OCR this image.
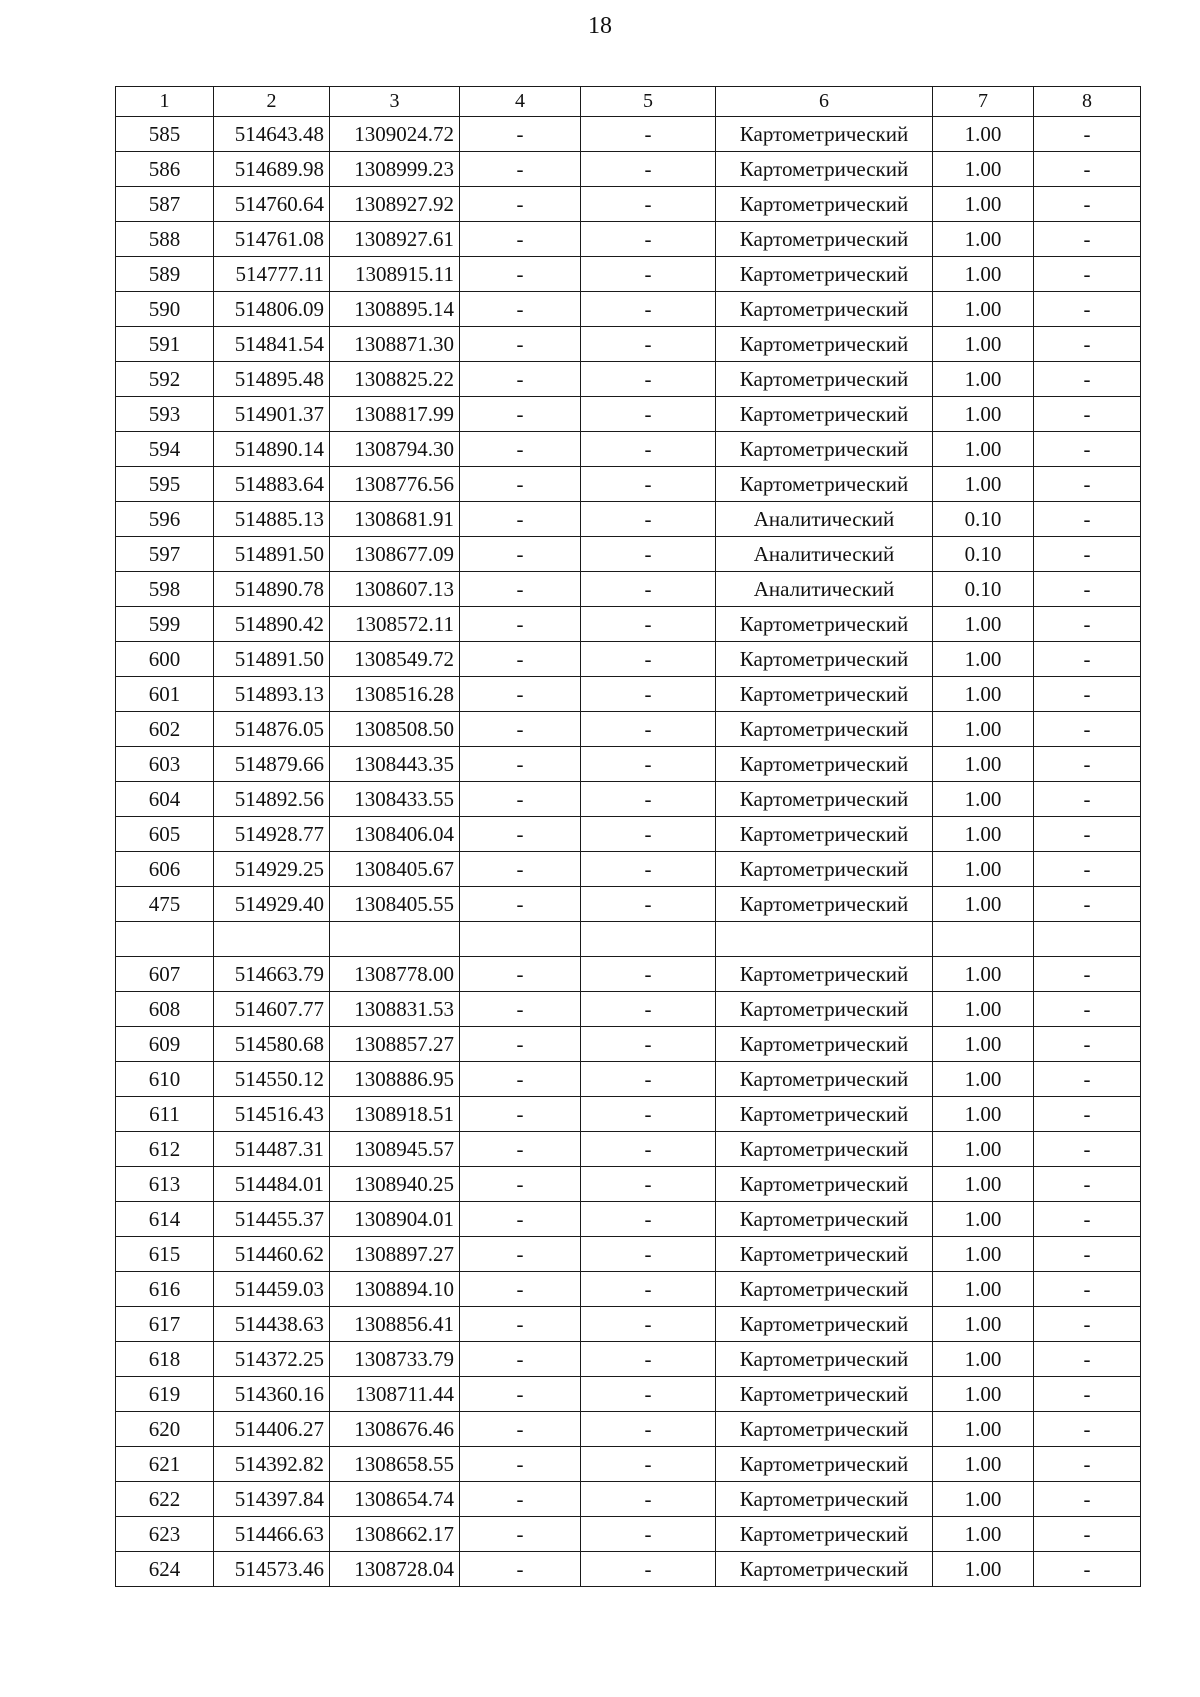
18
1	2	3	4	5	6	7	8
585	514643.48	1309024.72	-	-	Картометрический	1.00	-
586	514689.98	1308999.23	-	-	Картометрический	1.00	-
587	514760.64	1308927.92	-	-	Картометрический	1.00	-
588	514761.08	1308927.61	-	-	Картометрический	1.00	-
589	514777.11	1308915.11	-	-	Картометрический	1.00	-
590	514806.09	1308895.14	-	-	Картометрический	1.00	-
591	514841.54	1308871.30	-	-	Картометрический	1.00	-
592	514895.48	1308825.22	-	-	Картометрический	1.00	-
593	514901.37	1308817.99	-	-	Картометрический	1.00	-
594	514890.14	1308794.30	-	-	Картометрический	1.00	-
595	514883.64	1308776.56	-	-	Картометрический	1.00	-
596	514885.13	1308681.91	-	-	Аналитический	0.10	-
597	514891.50	1308677.09	-	-	Аналитический	0.10	-
598	514890.78	1308607.13	-	-	Аналитический	0.10	-
599	514890.42	1308572.11	-	-	Картометрический	1.00	-
600	514891.50	1308549.72	-	-	Картометрический	1.00	-
601	514893.13	1308516.28	-	-	Картометрический	1.00	-
602	514876.05	1308508.50	-	-	Картометрический	1.00	-
603	514879.66	1308443.35	-	-	Картометрический	1.00	-
604	514892.56	1308433.55	-	-	Картометрический	1.00	-
605	514928.77	1308406.04	-	-	Картометрический	1.00	-
606	514929.25	1308405.67	-	-	Картометрический	1.00	-
475	514929.40	1308405.55	-	-	Картометрический	1.00	-

607	514663.79	1308778.00	-	-	Картометрический	1.00	-
608	514607.77	1308831.53	-	-	Картометрический	1.00	-
609	514580.68	1308857.27	-	-	Картометрический	1.00	-
610	514550.12	1308886.95	-	-	Картометрический	1.00	-
611	514516.43	1308918.51	-	-	Картометрический	1.00	-
612	514487.31	1308945.57	-	-	Картометрический	1.00	-
613	514484.01	1308940.25	-	-	Картометрический	1.00	-
614	514455.37	1308904.01	-	-	Картометрический	1.00	-
615	514460.62	1308897.27	-	-	Картометрический	1.00	-
616	514459.03	1308894.10	-	-	Картометрический	1.00	-
617	514438.63	1308856.41	-	-	Картометрический	1.00	-
618	514372.25	1308733.79	-	-	Картометрический	1.00	-
619	514360.16	1308711.44	-	-	Картометрический	1.00	-
620	514406.27	1308676.46	-	-	Картометрический	1.00	-
621	514392.82	1308658.55	-	-	Картометрический	1.00	-
622	514397.84	1308654.74	-	-	Картометрический	1.00	-
623	514466.63	1308662.17	-	-	Картометрический	1.00	-
624	514573.46	1308728.04	-	-	Картометрический	1.00	-
